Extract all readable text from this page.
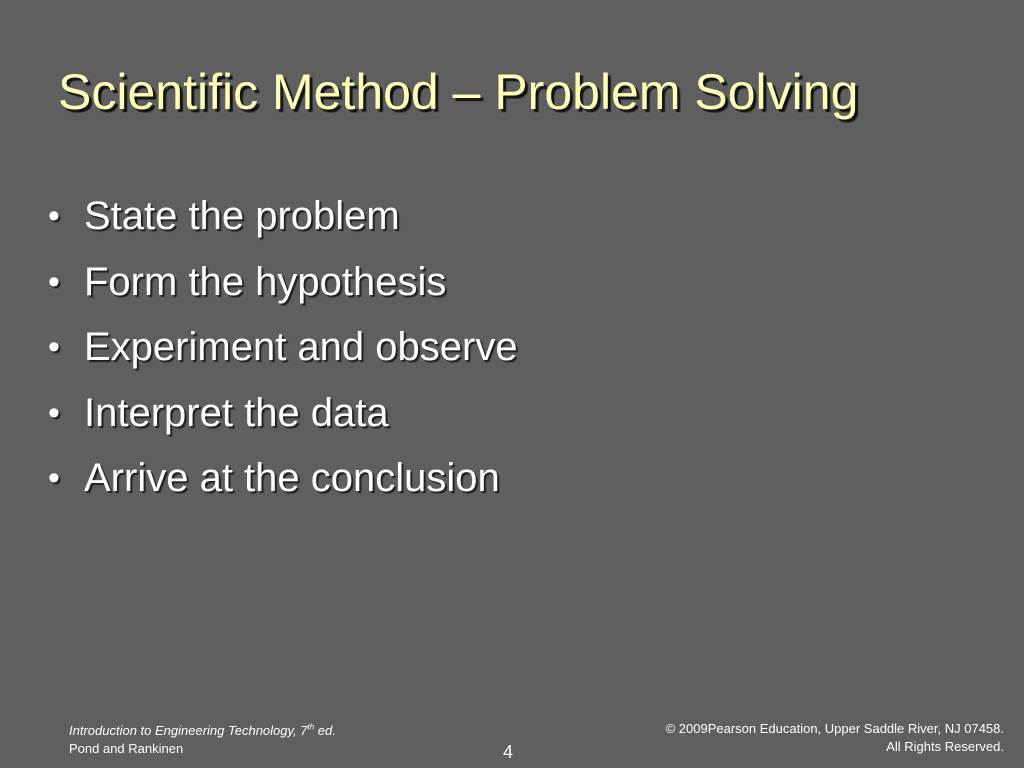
Scientific Method – Problem Solving
• State the problem
• Form the hypothesis
• Experiment and observe
• Interpret the data
• Arrive at the conclusion
Introduction to Engineering Technology, 7th ed.
Pond and Rankinen	4
© 2009Pearson Education, Upper Saddle River, NJ 07458.
All Rights Reserved.
